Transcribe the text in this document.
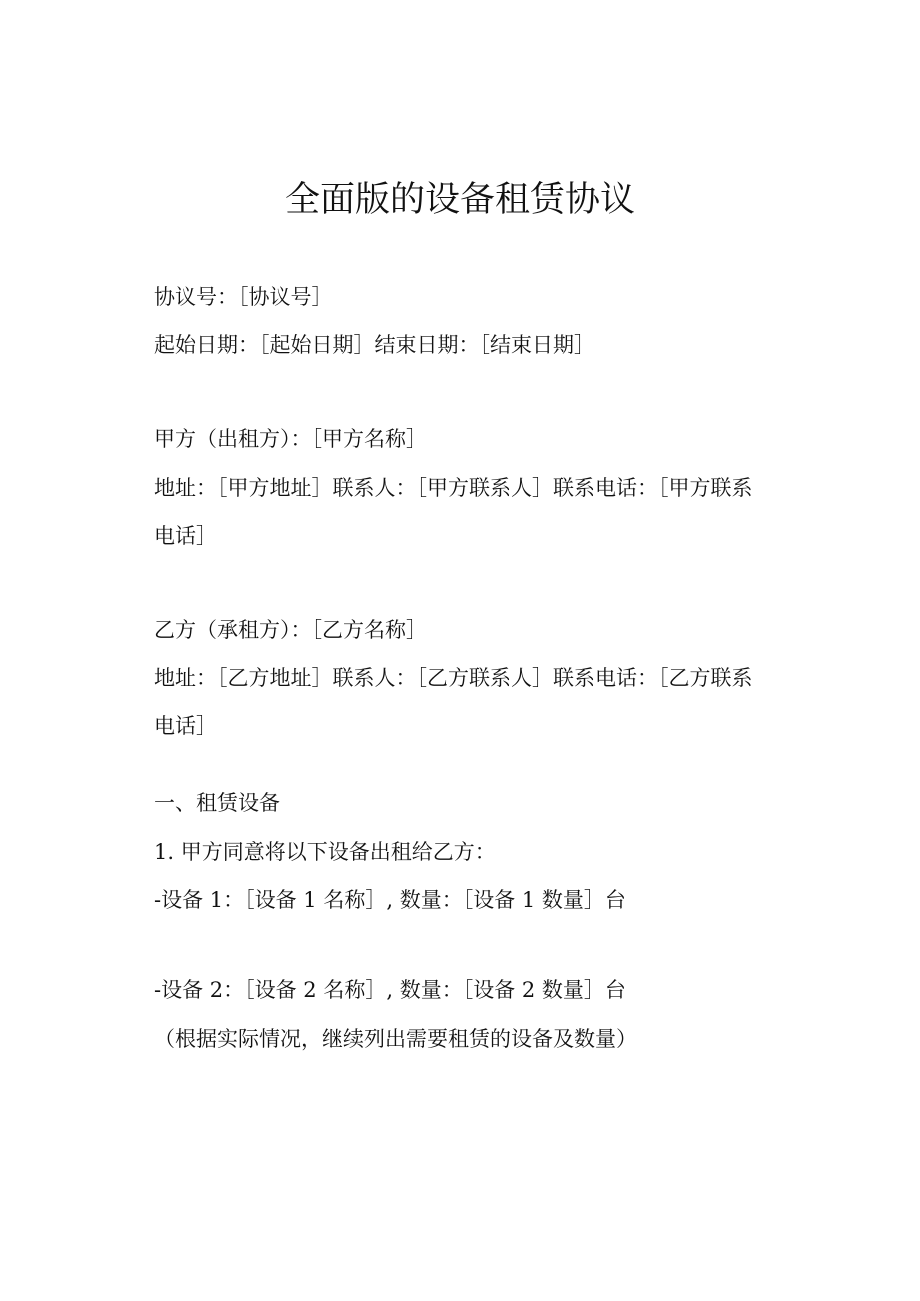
全面版的设备租赁协议

协议号：［协议号］

起始日期：［起始日期］结束日期：［结束日期］

甲方（出租方）：［甲方名称］

地址：［甲方地址］联系人：［甲方联系人］联系电话：［甲方联系

电话］

乙方（承租方）：［乙方名称］

地址：［乙方地址］联系人：［乙方联系人］联系电话：［乙方联系

电话］

一、租赁设备

1. 甲方同意将以下设备出租给乙方：

-设备 1：［设备 1 名称］, 数量：［设备 1 数量］台

-设备 2：［设备 2 名称］, 数量：［设备 2 数量］台

（根据实际情况，继续列出需要租赁的设备及数量）
